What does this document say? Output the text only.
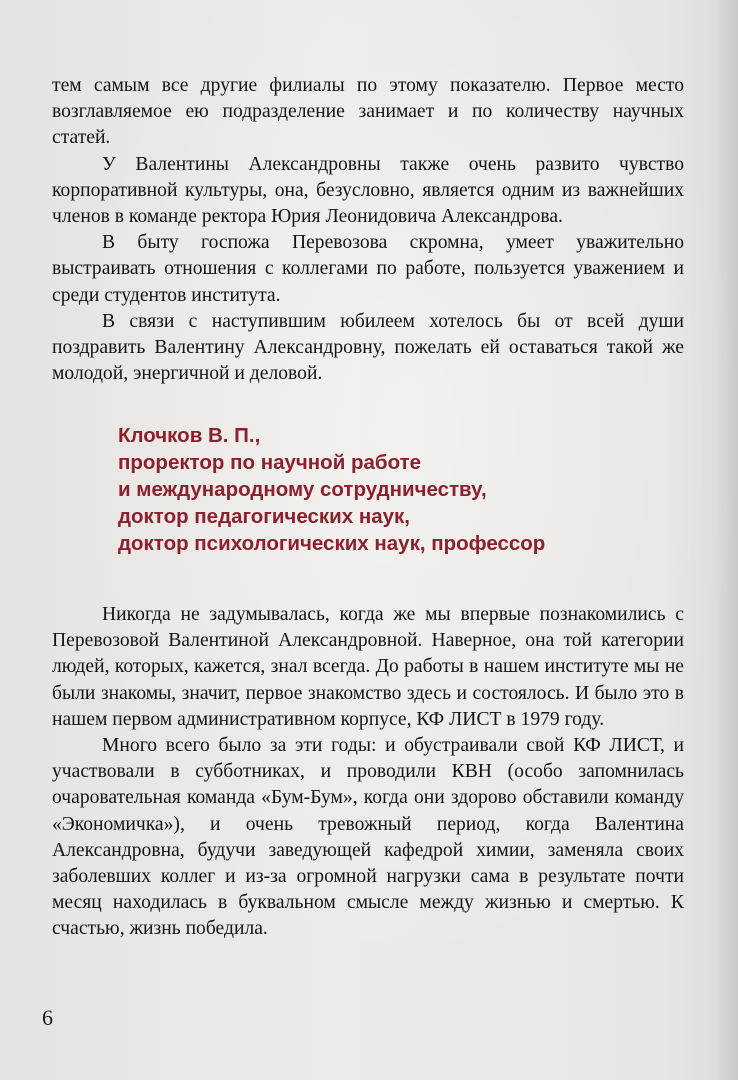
тем самым все другие филиалы по этому показателю. Первое место возглавляемое ею подразделение занимает и по количеству научных статей.

У Валентины Александровны также очень развито чувство корпоративной культуры, она, безусловно, является одним из важнейших членов в команде ректора Юрия Леонидовича Александрова.

В быту госпожа Перевозова скромна, умеет уважительно выстраивать отношения с коллегами по работе, пользуется уважением и среди студентов института.

В связи с наступившим юбилеем хотелось бы от всей души поздравить Валентину Александровну, пожелать ей оставаться такой же молодой, энергичной и деловой.

Клочков В. П.,
проректор по научной работе
и международному сотрудничеству,
доктор педагогических наук,
доктор психологических наук, профессор

Никогда не задумывалась, когда же мы впервые познакомились с Перевозовой Валентиной Александровной. Наверное, она той категории людей, которых, кажется, знал всегда. До работы в нашем институте мы не были знакомы, значит, первое знакомство здесь и состоялось. И было это в нашем первом административном корпусе, КФ ЛИСТ в 1979 году.

Много всего было за эти годы: и обустраивали свой КФ ЛИСТ, и участвовали в субботниках, и проводили КВН (особо запомнилась очаровательная команда «Бум-Бум», когда они здорово обставили команду «Экономичка»), и очень тревожный период, когда Валентина Александровна, будучи заведующей кафедрой химии, заменяла своих заболевших коллег и из-за огромной нагрузки сама в результате почти месяц находилась в буквальном смысле между жизнью и смертью. К счастью, жизнь победила.

6
